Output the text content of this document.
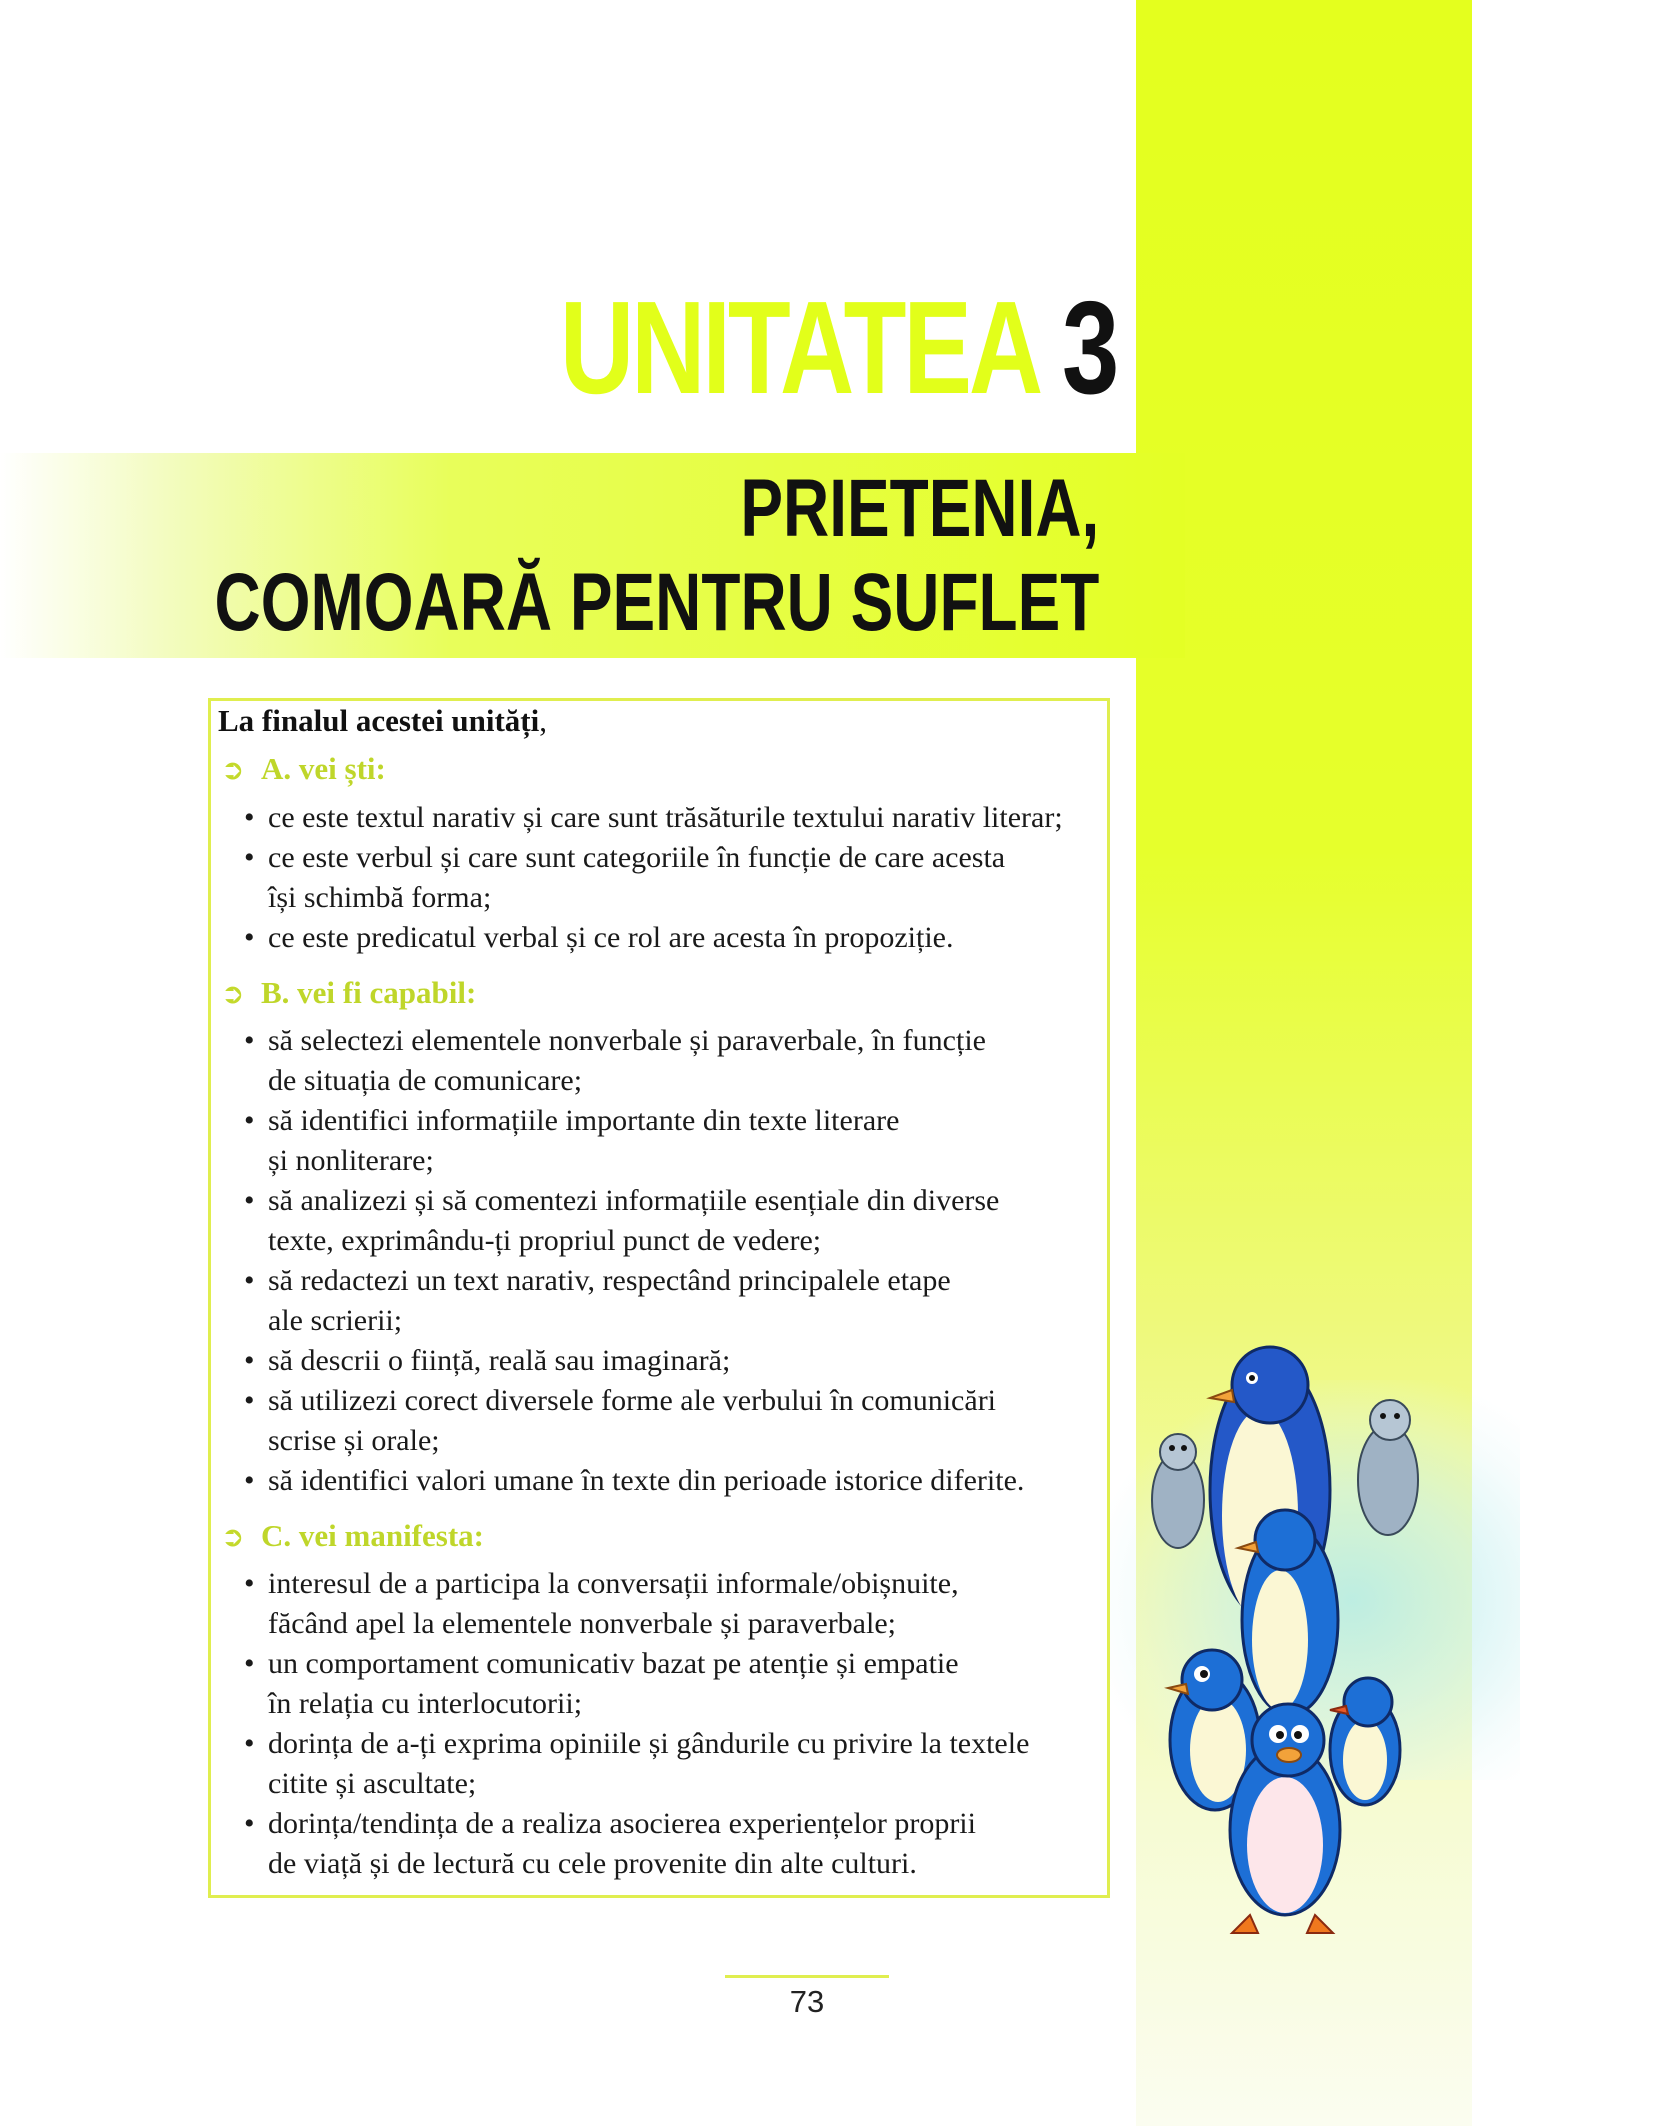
UNITATEA 3
PRIETENIA,
COMOARĂ PENTRU SUFLET
La finalul acestei unități,
➲ A. vei ști:
• ce este textul narativ și care sunt trăsăturile textului narativ literar;
• ce este verbul și care sunt categoriile în funcție de care acesta
își schimbă forma;
• ce este predicatul verbal și ce rol are acesta în propoziție.
➲ B. vei fi capabil:
• să selectezi elementele nonverbale și paraverbale, în funcție
de situația de comunicare;
• să identifici informațiile importante din texte literare
și nonliterare;
• să analizezi și să comentezi informațiile esențiale din diverse
texte, exprimându-ți propriul punct de vedere;
• să redactezi un text narativ, respectând principalele etape
ale scrierii;
• să descrii o ființă, reală sau imaginară;
• să utilizezi corect diversele forme ale verbului în comunicări
scrise și orale;
• să identifici valori umane în texte din perioade istorice diferite.
➲ C. vei manifesta:
• interesul de a participa la conversații informale/obișnuite,
făcând apel la elementele nonverbale și paraverbale;
• un comportament comunicativ bazat pe atenție și empatie
în relația cu interlocutorii;
• dorința de a-ți exprima opiniile și gândurile cu privire la textele
citite și ascultate;
• dorința/tendința de a realiza asocierea experiențelor proprii
de viață și de lectură cu cele provenite din alte culturi.
73
